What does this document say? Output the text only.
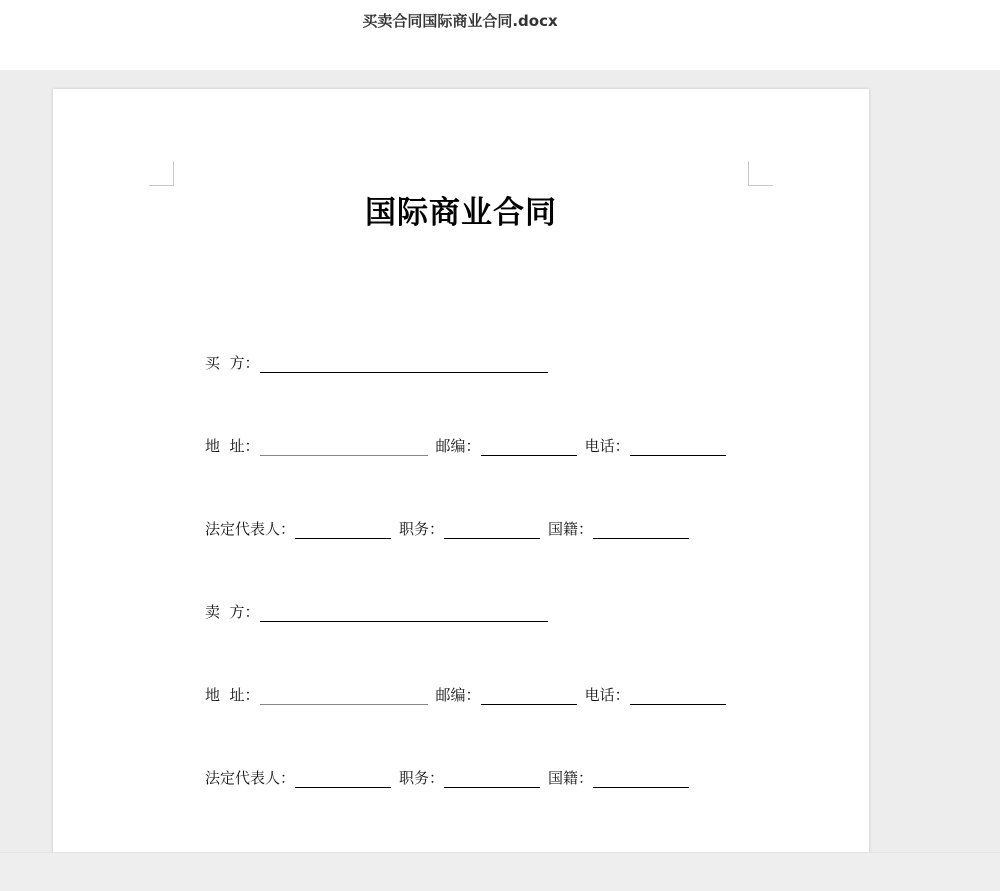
买卖合同国际商业合同.docx
国际商业合同
买  方：
地  址：	邮编：	电话：
法定代表人：	职务：	国籍：
卖  方：
地  址：	邮编：	电话：
法定代表人：	职务：	国籍：
